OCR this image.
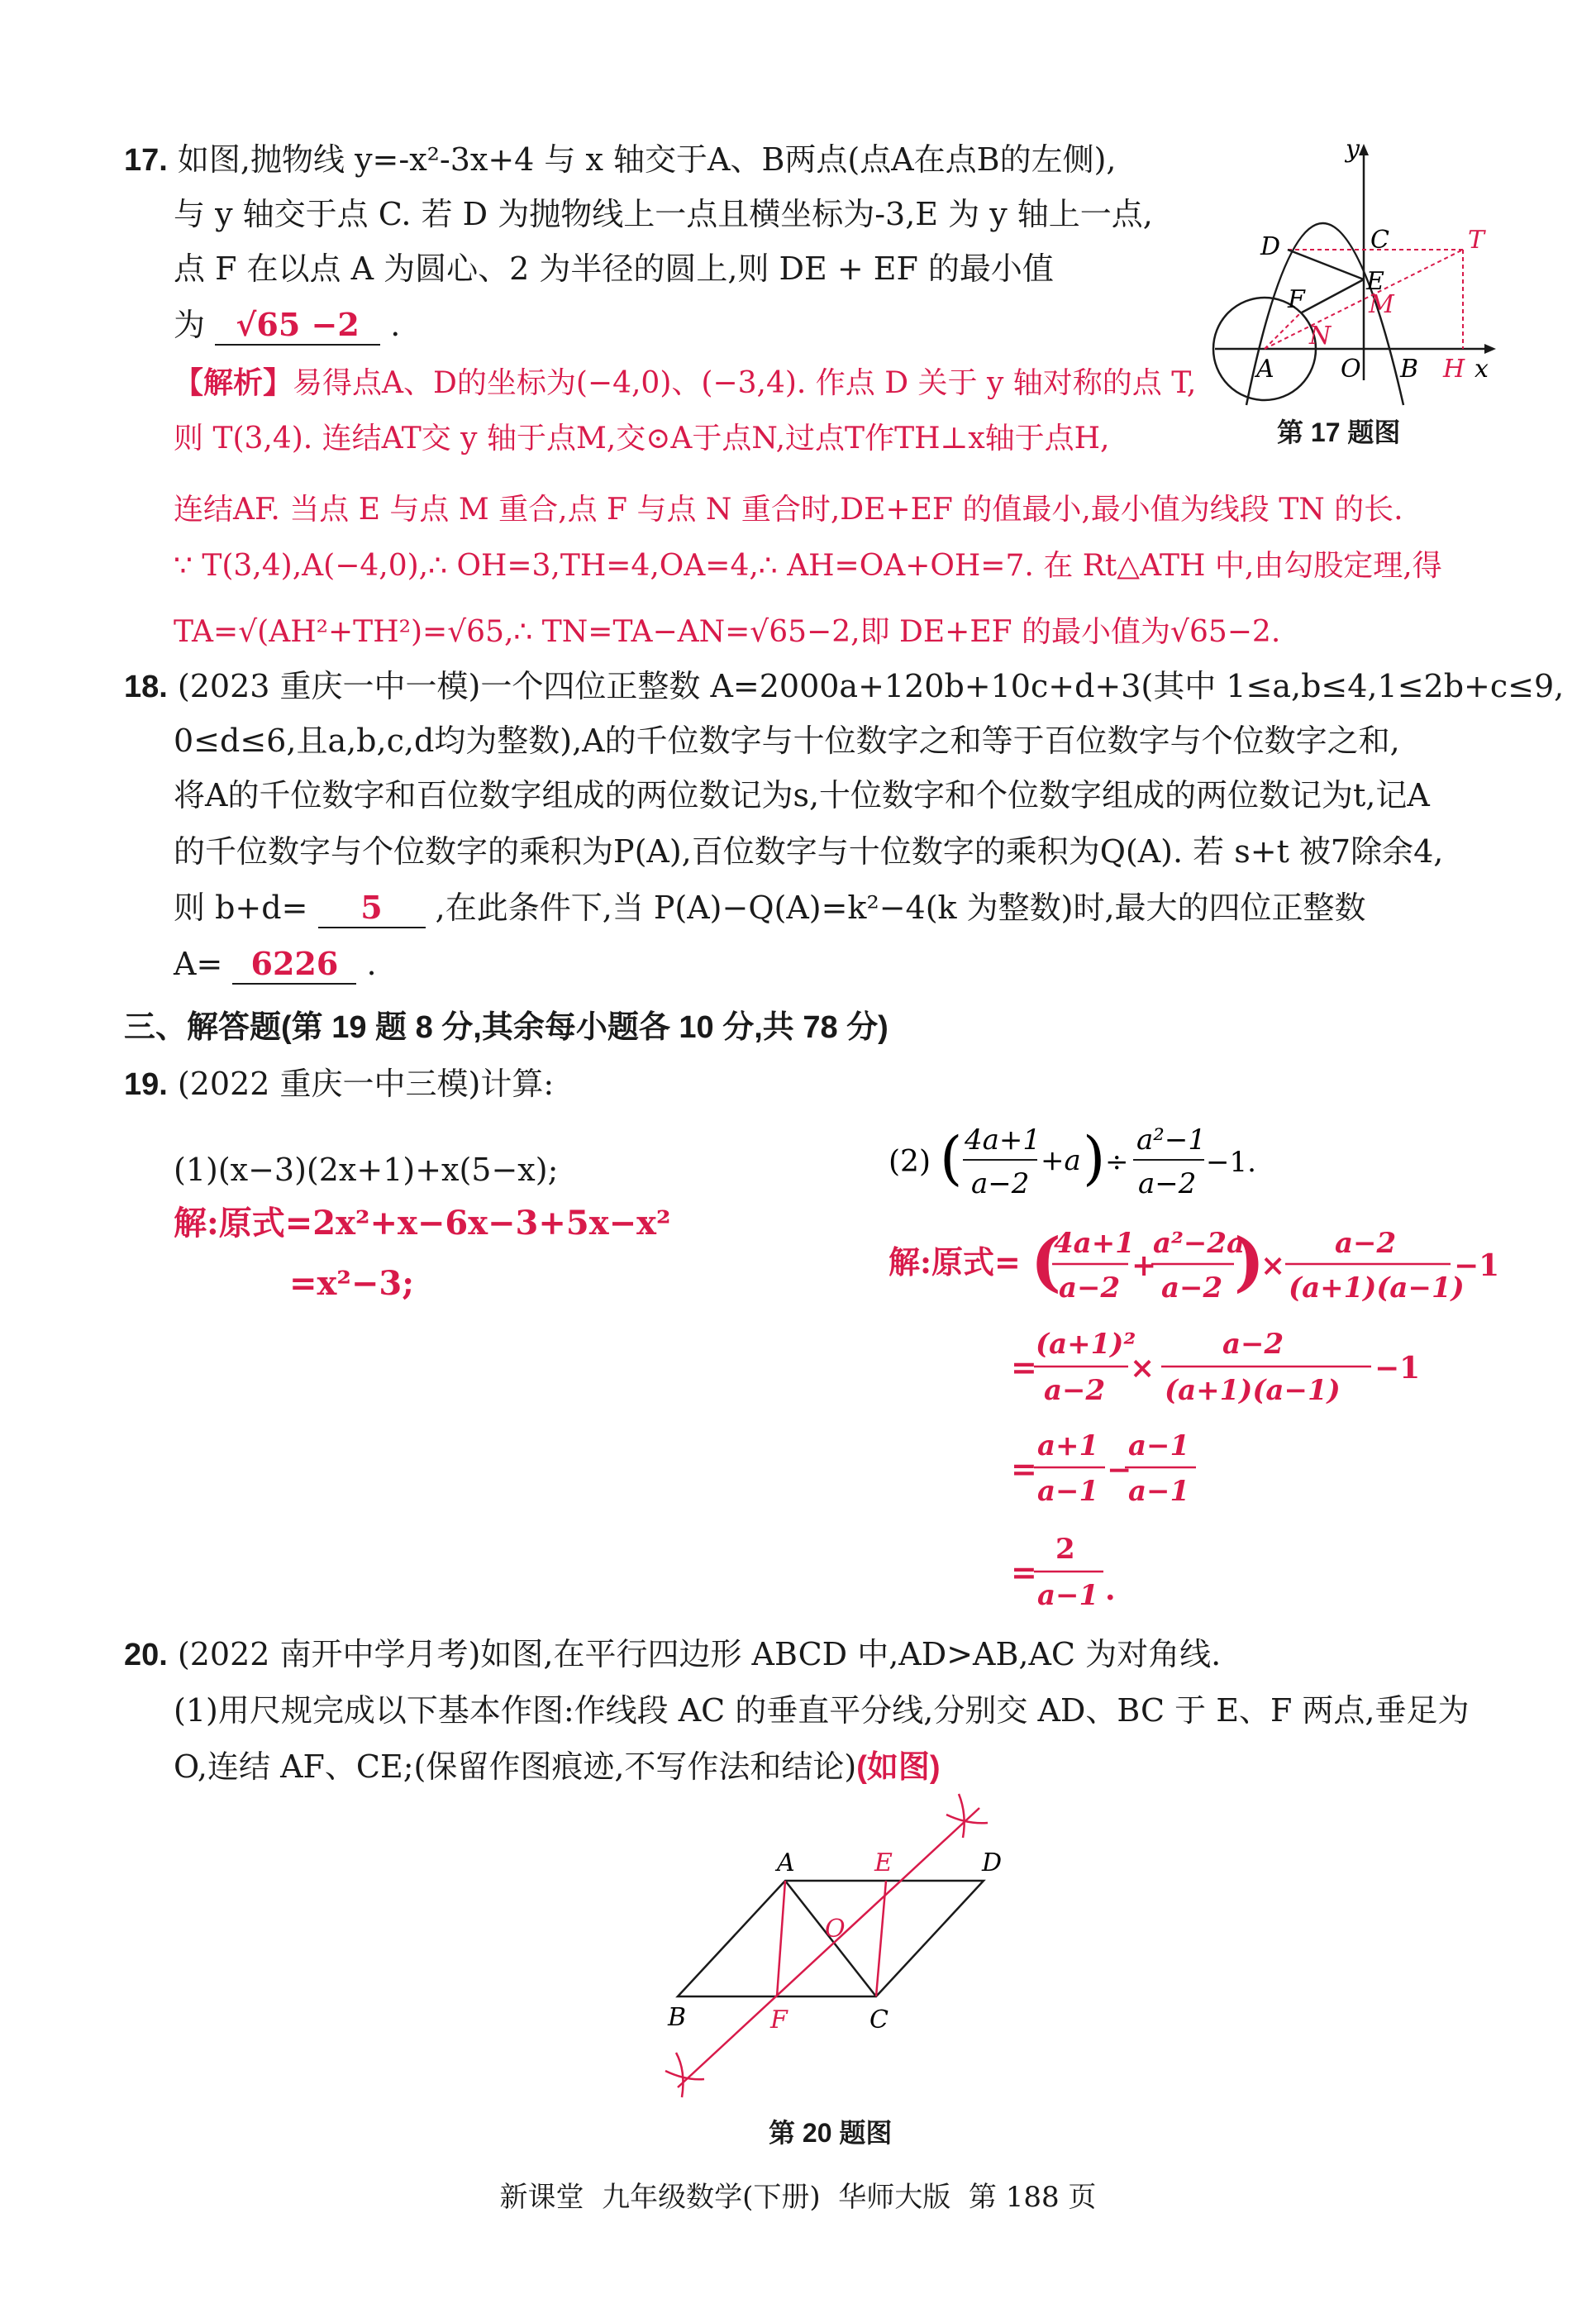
17. 如图,抛物线 y=-x²-3x+4 与 x 轴交于A、B两点(点A在点B的左侧),
与 y 轴交于点 C. 若 D 为抛物线上一点且横坐标为-3,E 为 y 轴上一点,
点 F 在以点 A 为圆心、2 为半径的圆上,则 DE + EF 的最小值
为 √65 −2 .
【解析】易得点A、D的坐标为(−4,0)、(−3,4). 作点 D 关于 y 轴对称的点 T,
则 T(3,4). 连结AT交 y 轴于点M,交⊙A于点N,过点T作TH⊥x轴于点H,
连结AF. 当点 E 与点 M 重合,点 F 与点 N 重合时,DE+EF 的值最小,最小值为线段 TN 的长.
∵ T(3,4),A(−4,0),∴ OH=3,TH=4,OA=4,∴ AH=OA+OH=7. 在 Rt△ATH 中,由勾股定理,得
TA=√(AH²+TH²)=√65,∴ TN=TA−AN=√65−2,即 DE+EF 的最小值为√65−2.
y
D	C	T
F
E
M
N
A	O B H x
第 17 题图
18. (2023 重庆一中一模)一个四位正整数 A=2000a+120b+10c+d+3(其中 1≤a,b≤4,1≤2b+c≤9,
0≤d≤6,且a,b,c,d均为整数),A的千位数字与十位数字之和等于百位数字与个位数字之和,
将A的千位数字和百位数字组成的两位数记为s,十位数字和个位数字组成的两位数记为t,记A
的千位数字与个位数字的乘积为P(A),百位数字与十位数字的乘积为Q(A). 若 s+t 被7除余4,
则 b+d= 5 ,在此条件下,当 P(A)−Q(A)=k²−4(k 为整数)时,最大的四位正整数
A= 6226 .
三、解答题(第 19 题 8 分,其余每小题各 10 分,共 78 分)
19. (2022 重庆一中三模)计算:
(1)(x−3)(2x+1)+x(5−x);
解:原式=2x²+x−6x−3+5x−x²
=x²−3;
(2) ( 4a+1
a−2
+a ) ÷
a²−1
a−2
−1.
解:原式= (
4a+1
a−2
+
a²−2a
a−2 )
×
a−2
(a+1)(a−1)
−1
=
(a+1)²
a−2
×
a−2
(a+1)(a−1)
−1
=
a+1
a−1
−
a−1
a−1
=
2
a−1 .
20. (2022 南开中学月考)如图,在平行四边形 ABCD 中,AD>AB,AC 为对角线.
(1)用尺规完成以下基本作图:作线段 AC 的垂直平分线,分别交 AD、BC 于 E、F 两点,垂足为
O,连结 AF、CE;(保留作图痕迹,不写作法和结论)(如图)
A	E	D
O
B	F	C
第 20 题图
新课堂  九年级数学(下册)  华师大版  第 188 页
